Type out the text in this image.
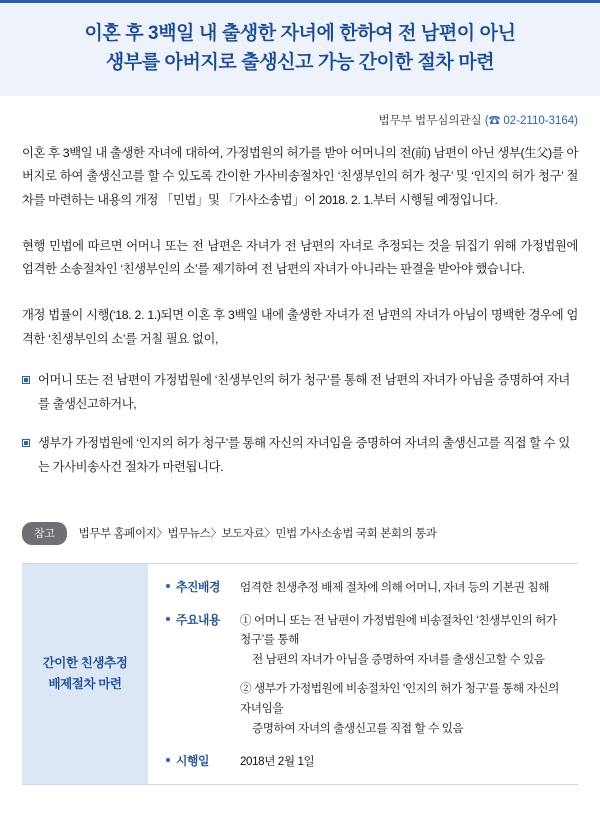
이혼 후 3백일 내 출생한 자녀에 한하여 전 남편이 아닌
생부를 아버지로 출생신고 가능 간이한 절차 마련
법무부 법무심의관실 (☎ 02-2110-3164)

이혼 후 3백일 내 출생한 자녀에 대하여, 가정법원의 허가를 받아 어머니의 전(前) 남편이 아닌 생부(生父)를 아버지로 하여 출생신고를 할 수 있도록 간이한 가사비송절차인 ‘친생부인의 허가 청구’ 및 ‘인지의 허가 청구’ 절차를 마련하는 내용의 개정 「민법」및 「가사소송법」이 2018. 2. 1.부터 시행될 예정입니다.

현행 민법에 따르면 어머니 또는 전 남편은 자녀가 전 남편의 자녀로 추정되는 것을 뒤집기 위해 가정법원에 엄격한 소송절차인 ‘친생부인의 소’를 제기하여 전 남편의 자녀가 아니라는 판결을 받아야 했습니다.

개정 법률이 시행(‘18. 2. 1.)되면 이혼 후 3백일 내에 출생한 자녀가 전 남편의 자녀가 아님이 명백한 경우에 엄격한 ‘친생부인의 소’를 거칠 필요 없이,

어머니 또는 전 남편이 가정법원에 ‘친생부인의 허가 청구’를 통해 전 남편의 자녀가 아님을 증명하여 자녀를 출생신고하거나,
생부가 가정법원에 ‘인지의 허가 청구’를 통해 자신의 자녀임을 증명하여 자녀의 출생신고를 직접 할 수 있는 가사비송사건 절차가 마련됩니다.
참고	법무부 홈페이지〉법무뉴스〉보도자료〉민법 가사소송법 국회 본회의 통과
간이한 친생추정
배제절차 마련
추진배경	엄격한 친생추정 배제 절차에 의해 어머니, 자녀 등의 기본권 침해
주요내용	① 어머니 또는 전 남편이 가정법원에 비송절차인 ‘친생부인의 허가 청구’를 통해
전 남편의 자녀가 아님을 증명하여 자녀를 출생신고할 수 있음
② 생부가 가정법원에 비송절차인 ‘인지의 허가 청구’를 통해 자신의 자녀임을
증명하여 자녀의 출생신고를 직접 할 수 있음
시행일	2018년 2월 1일
